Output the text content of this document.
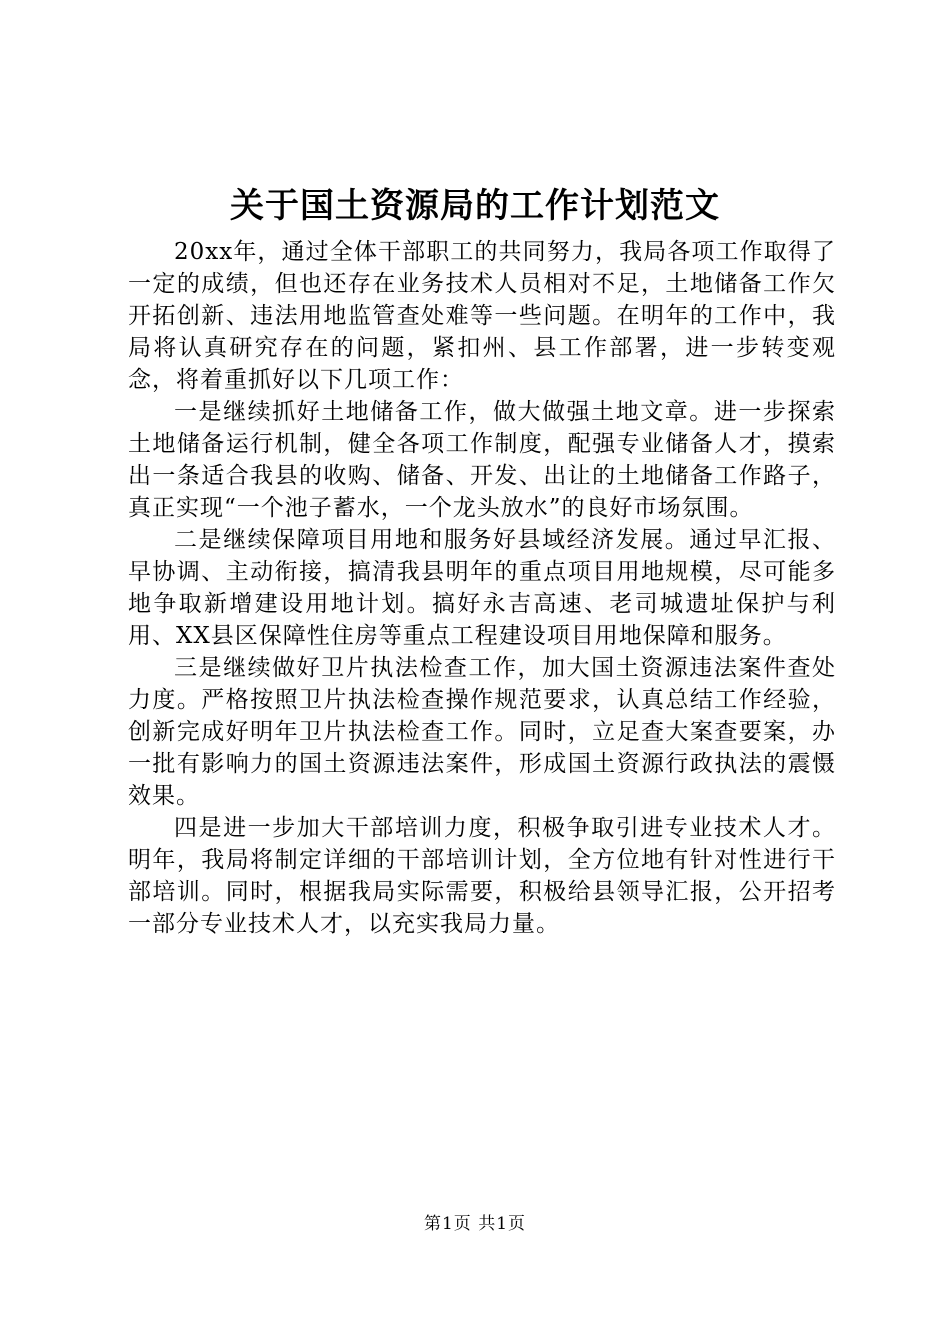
关于国土资源局的工作计划范文

20xx年，通过全体干部职工的共同努力，我局各项工作取得了一定的成绩，但也还存在业务技术人员相对不足，土地储备工作欠开拓创新、违法用地监管查处难等一些问题。在明年的工作中，我局将认真研究存在的问题，紧扣州、县工作部署，进一步转变观念，将着重抓好以下几项工作：

一是继续抓好土地储备工作，做大做强土地文章。进一步探索土地储备运行机制，健全各项工作制度，配强专业储备人才，摸索出一条适合我县的收购、储备、开发、出让的土地储备工作路子，真正实现“一个池子蓄水，一个龙头放水”的良好市场氛围。

二是继续保障项目用地和服务好县域经济发展。通过早汇报、早协调、主动衔接，搞清我县明年的重点项目用地规模，尽可能多地争取新增建设用地计划。搞好永吉高速、老司城遗址保护与利用、XX县区保障性住房等重点工程建设项目用地保障和服务。

三是继续做好卫片执法检查工作，加大国土资源违法案件查处力度。严格按照卫片执法检查操作规范要求，认真总结工作经验，创新完成好明年卫片执法检查工作。同时，立足查大案查要案，办一批有影响力的国土资源违法案件，形成国土资源行政执法的震慑效果。

四是进一步加大干部培训力度，积极争取引进专业技术人才。明年，我局将制定详细的干部培训计划，全方位地有针对性进行干部培训。同时，根据我局实际需要，积极给县领导汇报，公开招考一部分专业技术人才，以充实我局力量。

第1页 共1页
